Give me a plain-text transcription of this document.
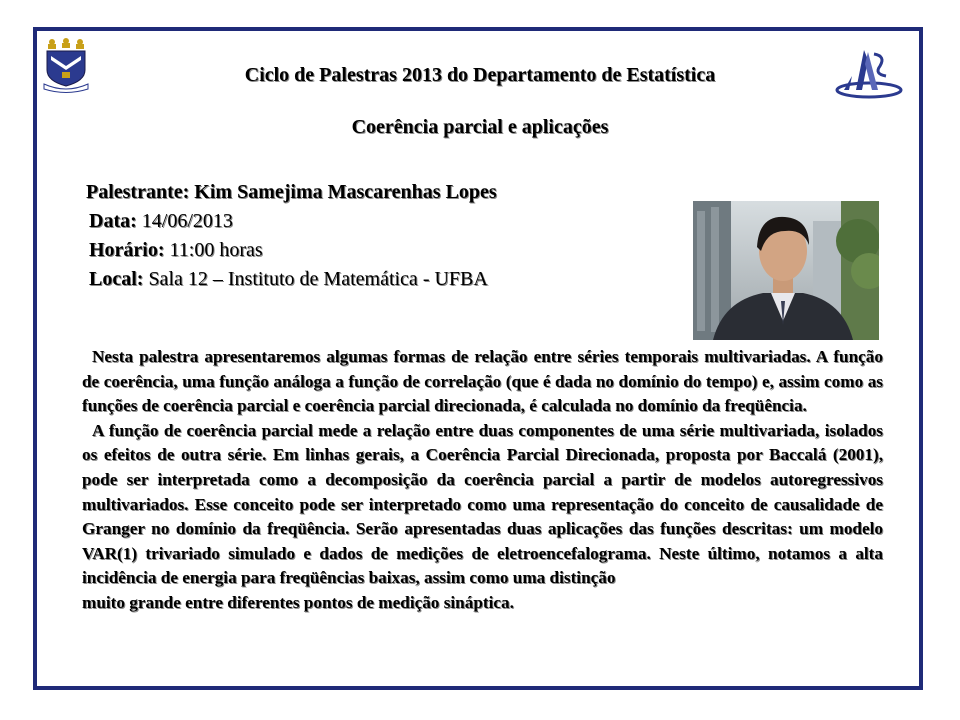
Ciclo de Palestras 2013 do Departamento de Estatística
Coerência parcial e aplicações
Palestrante: Kim Samejima Mascarenhas Lopes
Data: 14/06/2013
Horário: 11:00 horas
Local: Sala 12 – Instituto de Matemática - UFBA

Nesta palestra apresentaremos algumas formas de relação entre séries temporais multivariadas. A função de coerência, uma função análoga a função de correlação (que é dada no domínio do tempo) e, assim como as funções de coerência parcial e coerência parcial direcionada, é calculada no domínio da freqüência.

A função de coerência parcial mede a relação entre duas componentes de uma série multivariada, isolados os efeitos de outra série. Em linhas gerais, a Coerência Parcial Direcionada, proposta por Baccalá (2001), pode ser interpretada como a decomposição da coerência parcial a partir de modelos autoregressivos multivariados. Esse conceito pode ser interpretado como uma representação do conceito de causalidade de Granger no domínio da freqüência. Serão apresentadas duas aplicações das funções descritas: um modelo VAR(1) trivariado simulado e dados de medições de eletroencefalograma. Neste último, notamos a alta incidência de energia para freqüências baixas, assim como uma distinção

muito grande entre diferentes pontos de medição sináptica.
